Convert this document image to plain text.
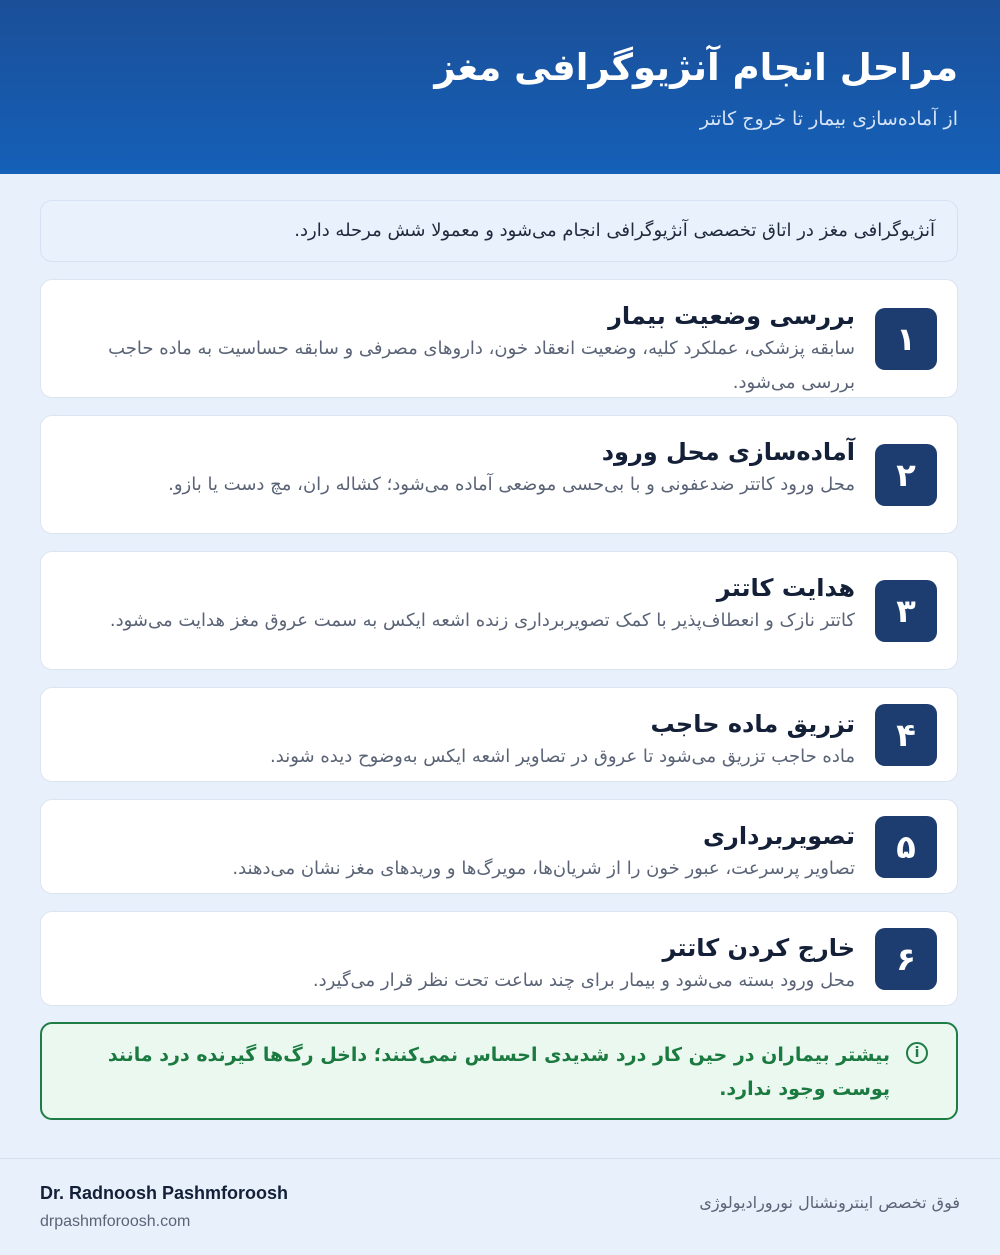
مراحل انجام آنژیوگرافی مغز
از آماده‌سازی بیمار تا خروج کاتتر
آنژیوگرافی مغز در اتاق تخصصی آنژیوگرافی انجام می‌شود و معمولا شش مرحله دارد.
۱
بررسی وضعیت بیمار
سابقه پزشکی، عملکرد کلیه، وضعیت انعقاد خون، داروهای مصرفی و سابقه حساسیت به ماده حاجب بررسی می‌شود.
۲
آماده‌سازی محل ورود
محل ورود کاتتر ضدعفونی و با بی‌حسی موضعی آماده می‌شود؛ کشاله ران، مچ دست یا بازو.
۳
هدایت کاتتر
کاتتر نازک و انعطاف‌پذیر با کمک تصویربرداری زنده اشعه ایکس به سمت عروق مغز هدایت می‌شود.
۴
تزریق ماده حاجب
ماده حاجب تزریق می‌شود تا عروق در تصاویر اشعه ایکس به‌وضوح دیده شوند.
۵
تصویربرداری
تصاویر پرسرعت، عبور خون را از شریان‌ها، مویرگ‌ها و وریدهای مغز نشان می‌دهند.
۶
خارج کردن کاتتر
محل ورود بسته می‌شود و بیمار برای چند ساعت تحت نظر قرار می‌گیرد.
i
بیشتر بیماران در حین کار درد شدیدی احساس نمی‌کنند؛ داخل رگ‌ها گیرنده درد مانند پوست وجود ندارد.
Dr. Radnoosh Pashmforoosh
drpashmforoosh.com
فوق تخصص اینترونشنال نورورادیولوژی
